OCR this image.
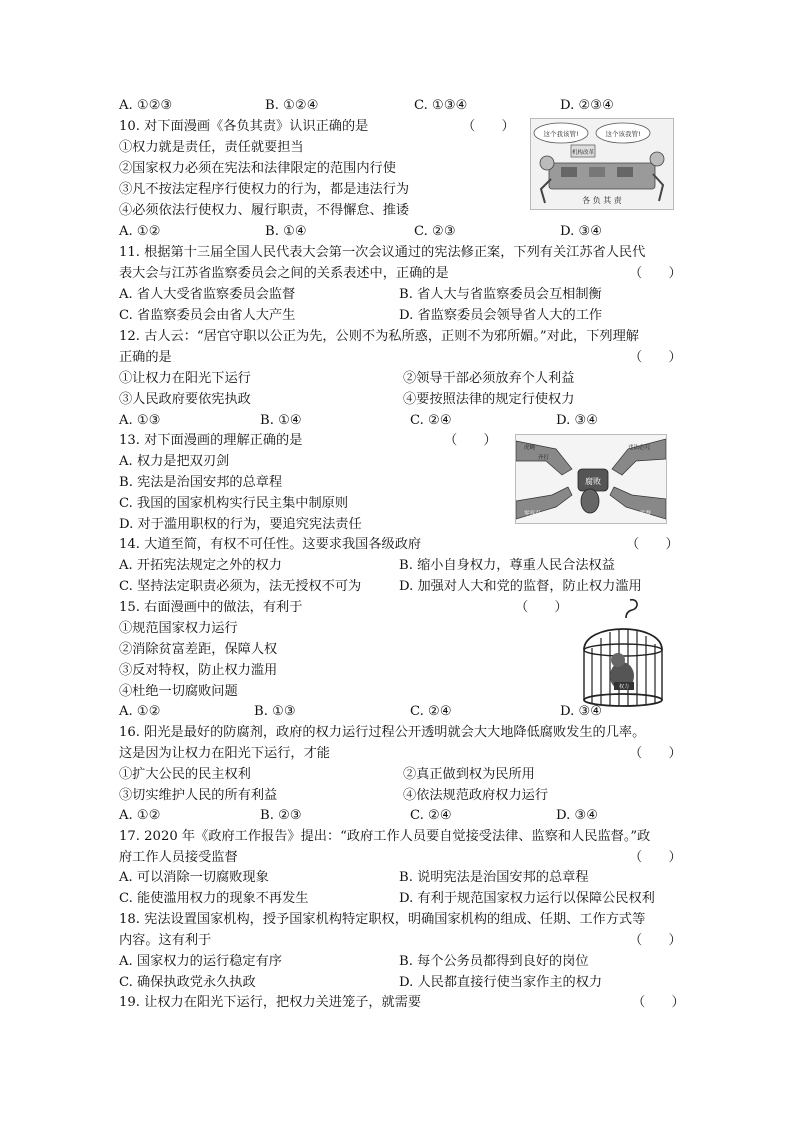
A. ①②③	B. ①②④	C. ①③④	D. ②③④
10. 对下面漫画《各负其责》认识正确的是	（　　）
①权力就是责任，责任就要担当
②国家权力必须在宪法和法律限定的范围内行使
③凡不按法定程序行使权力的行为，都是违法行为
④必须依法行使权力、履行职责，不得懈怠、推诿
A. ①②	B. ①④	C. ②③	D. ③④
这个我该管!	这个该我管!
机构改革
各 负 其 责
11. 根据第十三届全国人民代表大会第一次会议通过的宪法修正案，下列有关江苏省人民代
表大会与江苏省监察委员会之间的关系表述中，正确的是	（　　）
A. 省人大受省监察委员会监督	B. 省人大与省监察委员会互相制衡
C. 省监察委员会由省人大产生	D. 省监察委员会领导省人大的工作
12. 古人云：“居官守职以公正为先，公则不为私所惑，正则不为邪所媚。”对此，下列理解
正确的是	（　　）
①让权力在阳光下运行	②领导干部必须放弃个人利益
③人民政府要依宪执政	④要按照法律的规定行使权力
A. ①③	B. ①④	C. ②④	D. ③④
13. 对下面漫画的理解正确的是	（　　）
A. 权力是把双刃剑
B. 宪法是治国安邦的总章程
C. 我国的国家机构实行民主集中制原则
D. 对于滥用职权的行为，要追究宪法责任
腐败
虎蝇
齐打
违法必究
零容忍	监督
14. 大道至简，有权不可任性。这要求我国各级政府	（　　）
A. 开拓宪法规定之外的权力	B. 缩小自身权力，尊重人民合法权益
C. 坚持法定职责必须为，法无授权不可为	D. 加强对人大和党的监督，防止权力滥用
15. 右面漫画中的做法，有利于	（　　）
①规范国家权力运行
②消除贫富差距，保障人权
③反对特权，防止权力滥用
④杜绝一切腐败问题
A. ①②	B. ①③	C. ②④	D. ③④
权力
16. 阳光是最好的防腐剂，政府的权力运行过程公开透明就会大大地降低腐败发生的几率。
这是因为让权力在阳光下运行，才能	（　　）
①扩大公民的民主权利	②真正做到权为民所用
③切实维护人民的所有利益	④依法规范政府权力运行
A. ①②	B. ②③	C. ②④	D. ③④
17. 2020 年《政府工作报告》提出：“政府工作人员要自觉接受法律、监察和人民监督。”政
府工作人员接受监督	（　　）
A. 可以消除一切腐败现象	B. 说明宪法是治国安邦的总章程
C. 能使滥用权力的现象不再发生	D. 有利于规范国家权力运行以保障公民权利
18. 宪法设置国家机构，授予国家机构特定职权，明确国家机构的组成、任期、工作方式等
内容。这有利于	（　　）
A. 国家权力的运行稳定有序	B. 每个公务员都得到良好的岗位
C. 确保执政党永久执政	D. 人民都直接行使当家作主的权力
19. 让权力在阳光下运行，把权力关进笼子，就需要	（　　）
